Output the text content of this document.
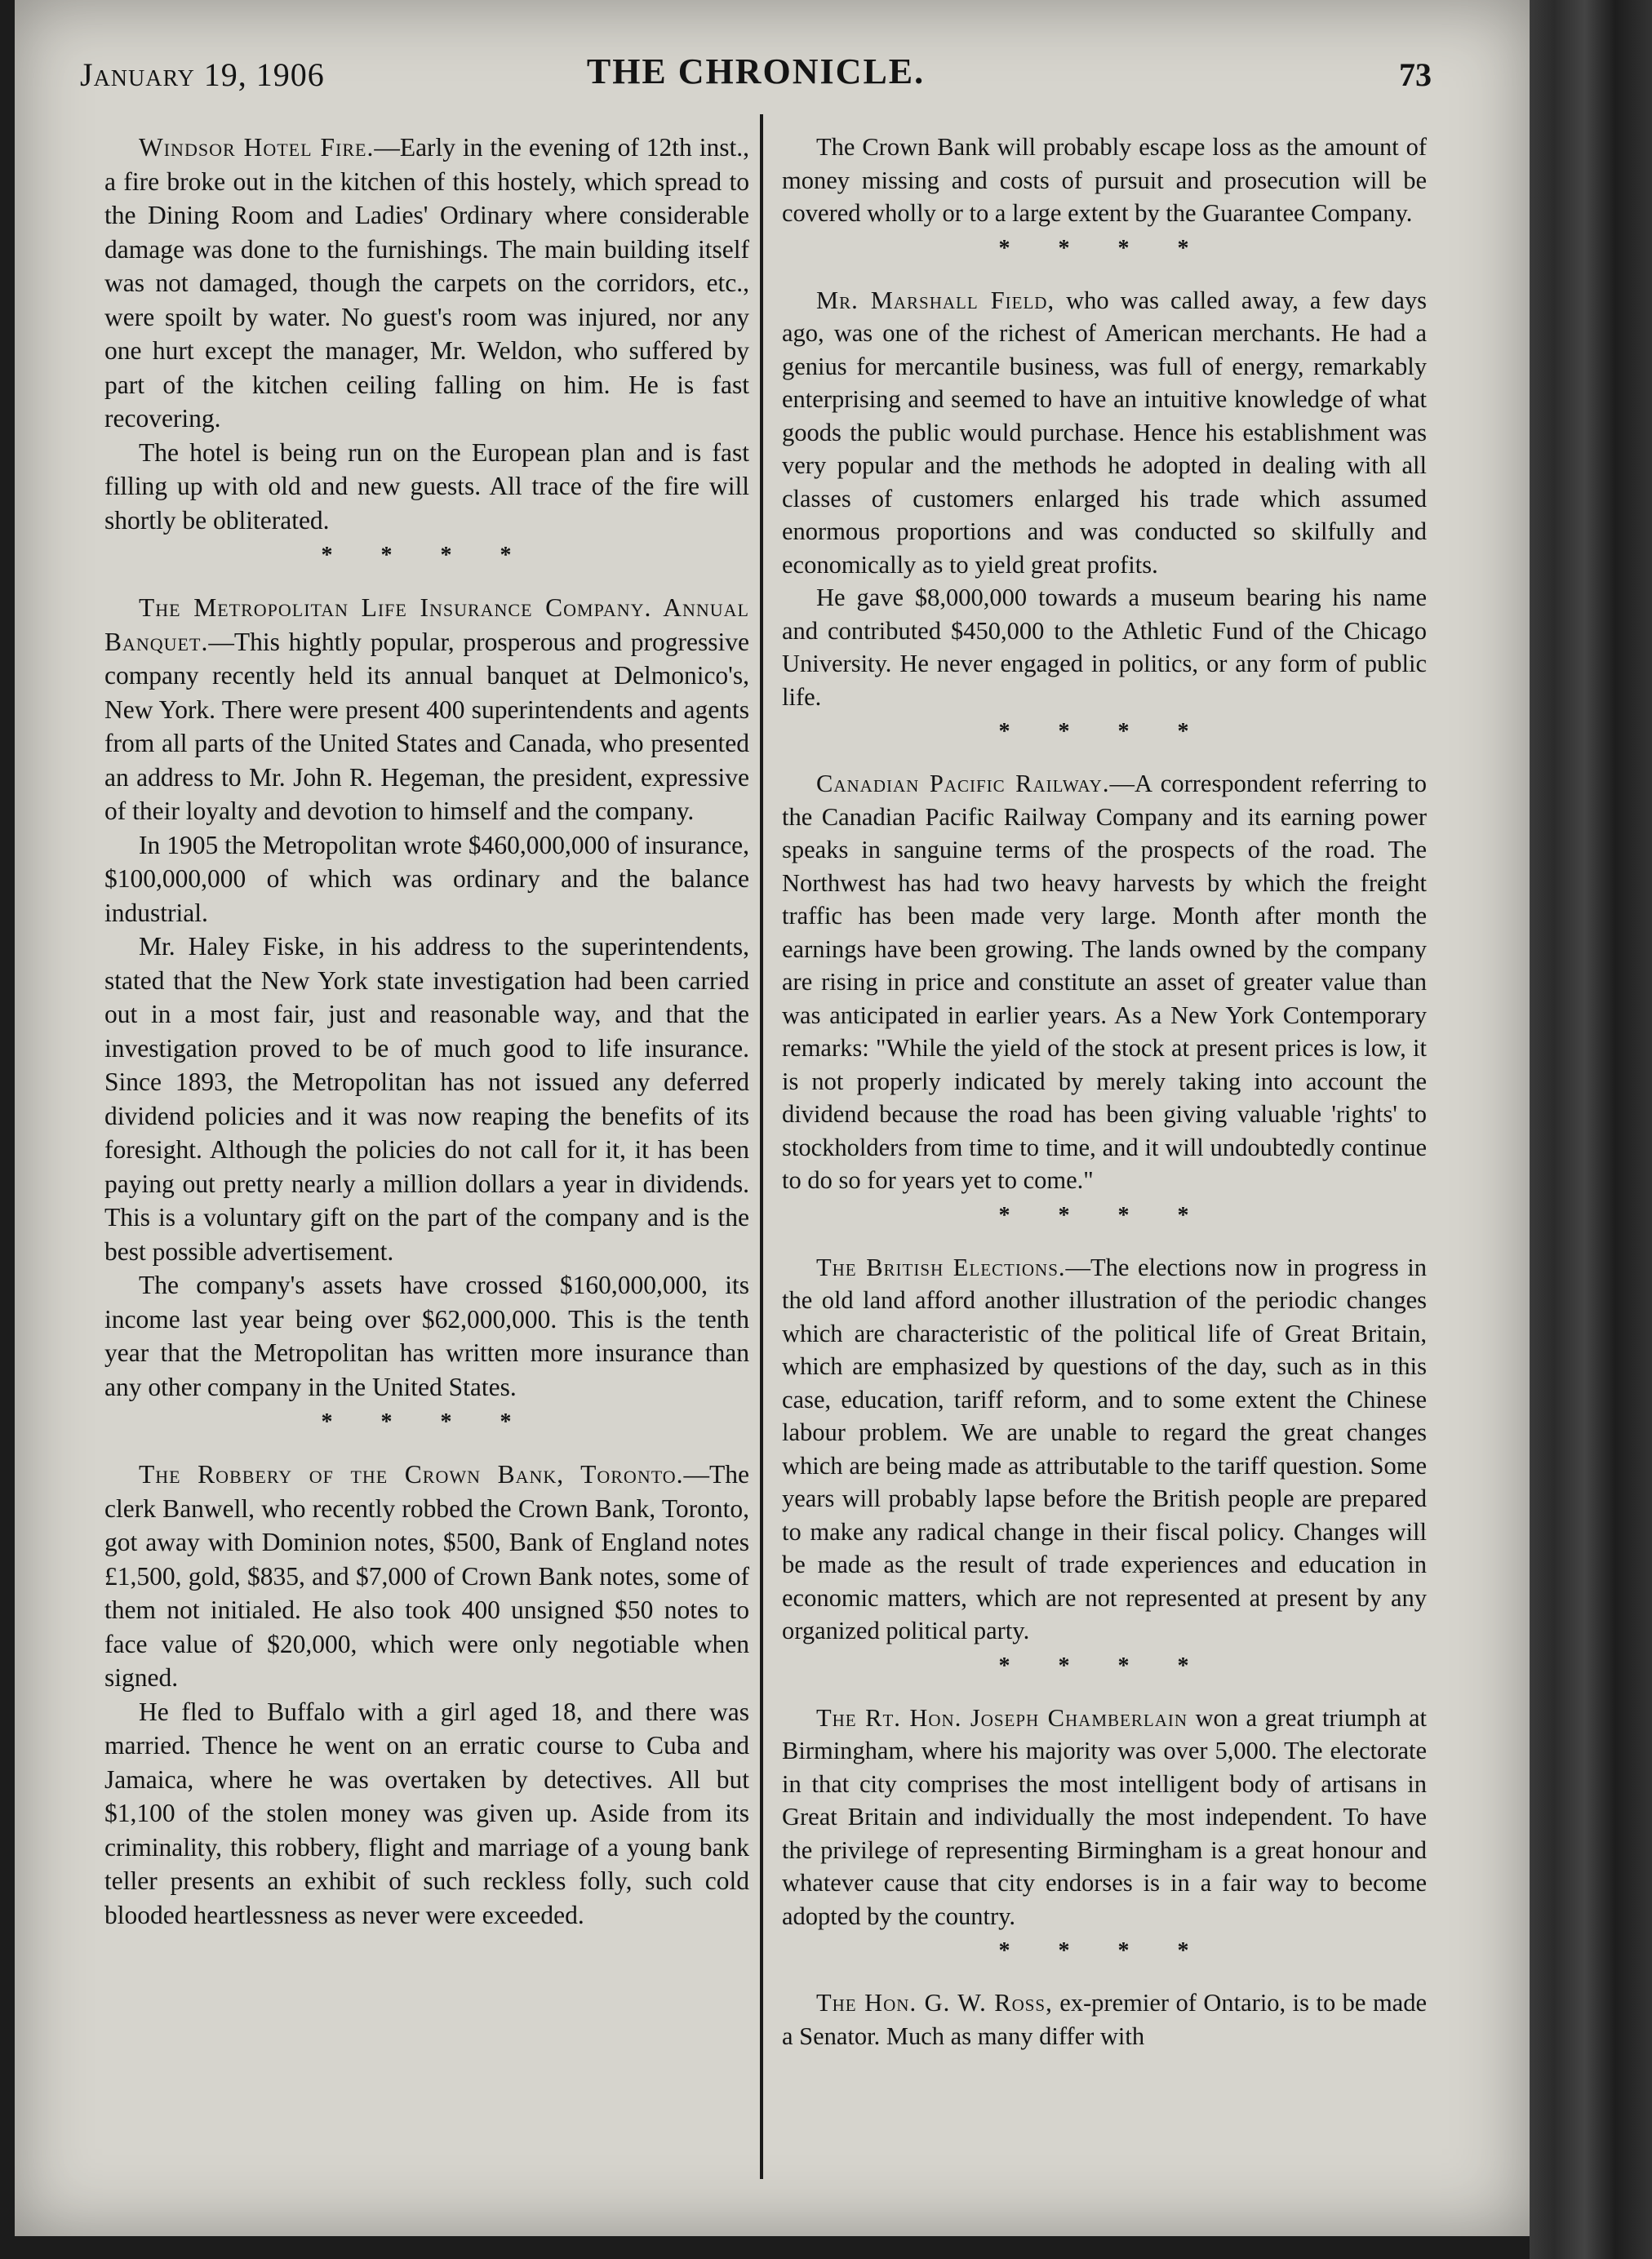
January 19, 1906	THE CHRONICLE.	73

Windsor Hotel Fire.—Early in the evening of 12th inst., a fire broke out in the kitchen of this hostely, which spread to the Dining Room and Ladies' Ordinary where considerable damage was done to the furnishings. The main building itself was not damaged, though the carpets on the corridors, etc., were spoilt by water. No guest's room was injured, nor any one hurt except the manager, Mr. Weldon, who suffered by part of the kitchen ceiling falling on him. He is fast recovering.

The hotel is being run on the European plan and is fast filling up with old and new guests. All trace of the fire will shortly be obliterated.

* * * *

The Metropolitan Life Insurance Company. Annual Banquet.—This hightly popular, prosperous and progressive company recently held its annual banquet at Delmonico's, New York. There were present 400 superintendents and agents from all parts of the United States and Canada, who presented an address to Mr. John R. Hegeman, the president, expressive of their loyalty and devotion to himself and the company.

In 1905 the Metropolitan wrote $460,000,000 of insurance, $100,000,000 of which was ordinary and the balance industrial.

Mr. Haley Fiske, in his address to the superintendents, stated that the New York state investigation had been carried out in a most fair, just and reasonable way, and that the investigation proved to be of much good to life insurance. Since 1893, the Metropolitan has not issued any deferred dividend policies and it was now reaping the benefits of its foresight. Although the policies do not call for it, it has been paying out pretty nearly a million dollars a year in dividends. This is a voluntary gift on the part of the company and is the best possible advertisement.

The company's assets have crossed $160,000,000, its income last year being over $62,000,000. This is the tenth year that the Metropolitan has written more insurance than any other company in the United States.

* * * *

The Robbery of the Crown Bank, Toronto.—The clerk Banwell, who recently robbed the Crown Bank, Toronto, got away with Dominion notes, $500, Bank of England notes £1,500, gold, $835, and $7,000 of Crown Bank notes, some of them not initialed. He also took 400 unsigned $50 notes to face value of $20,000, which were only negotiable when signed.

He fled to Buffalo with a girl aged 18, and there was married. Thence he went on an erratic course to Cuba and Jamaica, where he was overtaken by detectives. All but $1,100 of the stolen money was given up. Aside from its criminality, this robbery, flight and marriage of a young bank teller presents an exhibit of such reckless folly, such cold blooded heartlessness as never were exceeded.

The Crown Bank will probably escape loss as the amount of money missing and costs of pursuit and prosecution will be covered wholly or to a large extent by the Guarantee Company.

* * * *

Mr. Marshall Field, who was called away, a few days ago, was one of the richest of American merchants. He had a genius for mercantile business, was full of energy, remarkably enterprising and seemed to have an intuitive knowledge of what goods the public would purchase. Hence his establishment was very popular and the methods he adopted in dealing with all classes of customers enlarged his trade which assumed enormous proportions and was conducted so skilfully and economically as to yield great profits.

He gave $8,000,000 towards a museum bearing his name and contributed $450,000 to the Athletic Fund of the Chicago University. He never engaged in politics, or any form of public life.

* * * *

Canadian Pacific Railway.—A correspondent referring to the Canadian Pacific Railway Company and its earning power speaks in sanguine terms of the prospects of the road. The Northwest has had two heavy harvests by which the freight traffic has been made very large. Month after month the earnings have been growing. The lands owned by the company are rising in price and constitute an asset of greater value than was anticipated in earlier years. As a New York Contemporary remarks: "While the yield of the stock at present prices is low, it is not properly indicated by merely taking into account the dividend because the road has been giving valuable 'rights' to stockholders from time to time, and it will undoubtedly continue to do so for years yet to come."

* * * *

The British Elections.—The elections now in progress in the old land afford another illustration of the periodic changes which are characteristic of the political life of Great Britain, which are emphasized by questions of the day, such as in this case, education, tariff reform, and to some extent the Chinese labour problem. We are unable to regard the great changes which are being made as attributable to the tariff question. Some years will probably lapse before the British people are prepared to make any radical change in their fiscal policy. Changes will be made as the result of trade experiences and education in economic matters, which are not represented at present by any organized political party.

* * * *

The Rt. Hon. Joseph Chamberlain won a great triumph at Birmingham, where his majority was over 5,000. The electorate in that city comprises the most intelligent body of artisans in Great Britain and individually the most independent. To have the privilege of representing Birmingham is a great honour and whatever cause that city endorses is in a fair way to become adopted by the country.

* * * *

The Hon. G. W. Ross, ex-premier of Ontario, is to be made a Senator. Much as many differ with
